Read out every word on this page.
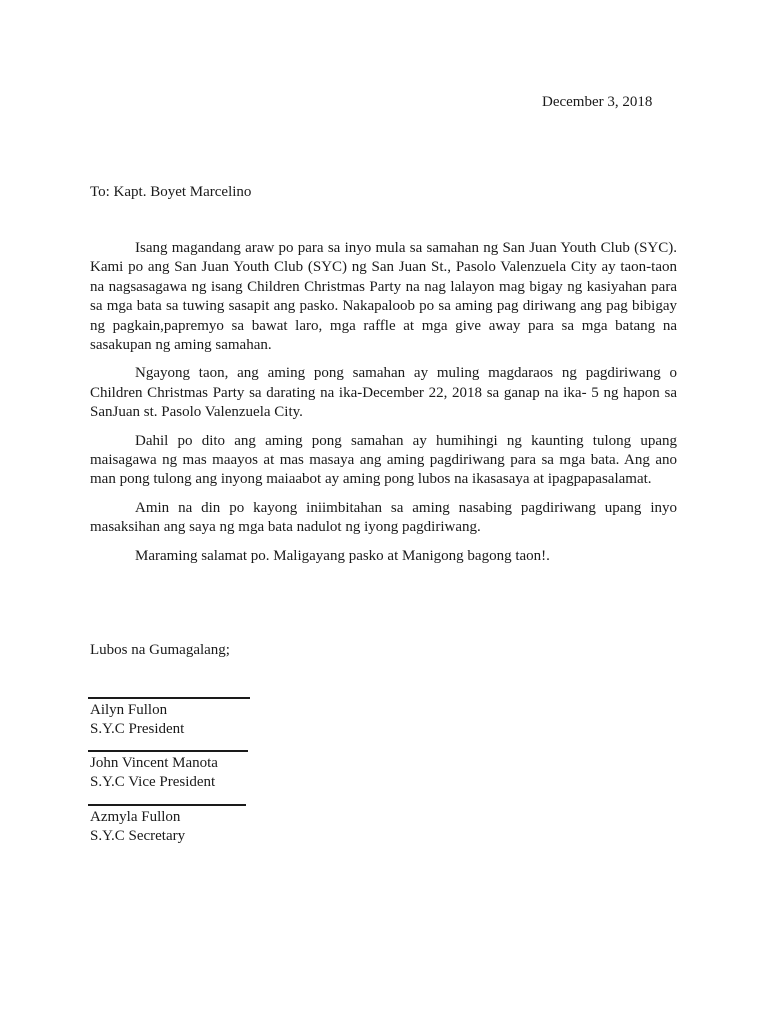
December 3, 2018
To: Kapt. Boyet Marcelino

Isang magandang araw po para sa inyo mula sa samahan ng San Juan Youth Club (SYC). Kami po ang San Juan Youth Club (SYC) ng San Juan St., Pasolo Valenzuela City ay taon-taon na nagsasagawa ng isang Children Christmas Party na nag lalayon mag bigay ng kasiyahan para sa mga bata sa tuwing sasapit ang pasko. Nakapaloob po sa aming pag diriwang ang pag bibigay ng pagkain,papremyo sa bawat laro, mga raffle at mga give away para sa mga batang na sasakupan ng aming samahan.

Ngayong taon, ang aming pong samahan ay muling magdaraos ng pagdiriwang o Children Christmas Party sa darating na ika-December 22, 2018 sa ganap na ika- 5 ng hapon sa SanJuan st. Pasolo Valenzuela City.

Dahil po dito ang aming pong samahan ay humihingi ng kaunting tulong upang maisagawa ng mas maayos at mas masaya ang aming pagdiriwang para sa mga bata. Ang ano man pong tulong ang inyong maiaabot ay aming pong lubos na ikasasaya at ipagpapasalamat.

Amin na din po kayong iniimbitahan sa aming nasabing pagdiriwang upang inyo masaksihan ang saya ng mga bata nadulot ng iyong pagdiriwang.

Maraming salamat po. Maligayang pasko at Manigong bagong taon!.

Lubos na Gumagalang;
Ailyn Fullon
S.Y.C President
John Vincent Manota
S.Y.C Vice President
Azmyla Fullon
S.Y.C Secretary
